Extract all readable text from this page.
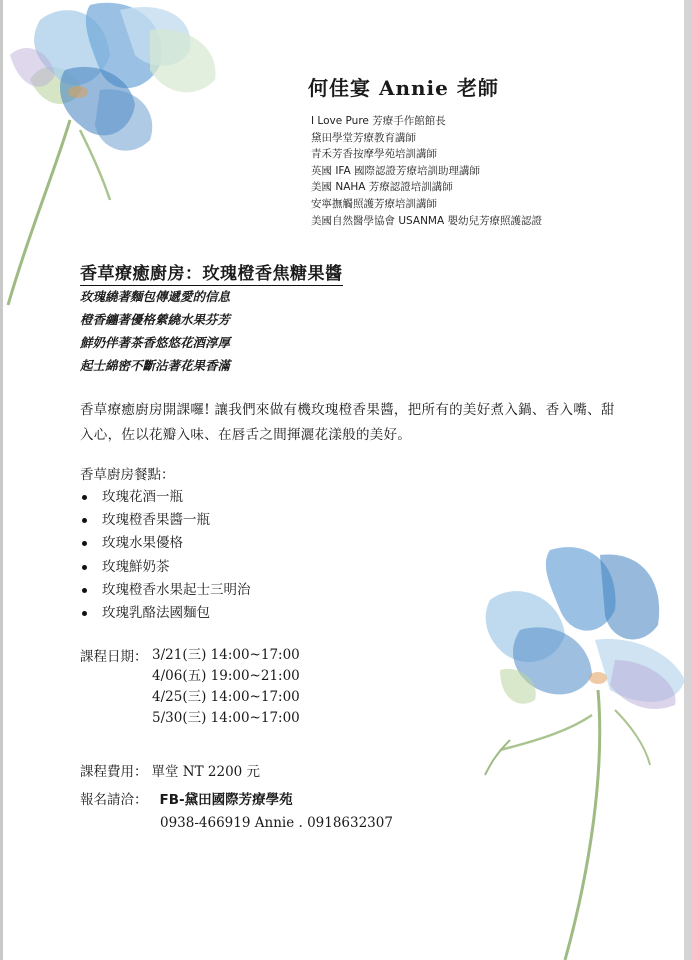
何佳宴 Annie 老師
I Love Pure 芳療手作館館長
黛田學堂芳療教育講師
青禾芳香按摩學苑培訓講師
英國 IFA 國際認證芳療培訓助理講師
美國 NAHA 芳療認證培訓講師
安寧撫觸照護芳療培訓講師
美國自然醫學協會 USANMA 嬰幼兒芳療照護認證
香草療癒廚房：玫瑰橙香焦糖果醬
玫瑰繞著麵包傳遞愛的信息
橙香纏著優格縈繞水果芬芳
鮮奶伴著茶香悠悠花酒淳厚
起士綿密不斷沾著花果香滿

香草療癒廚房開課囉! 讓我們來做有機玫瑰橙香果醬，把所有的美好煮入鍋、香入嘴、甜入心，佐以花瓣入味、在唇舌之間揮灑花漾般的美好。

香草廚房餐點：
玫瑰花酒一瓶
玫瑰橙香果醬一瓶
玫瑰水果優格
玫瑰鮮奶茶
玫瑰橙香水果起士三明治
玫瑰乳酪法國麵包
課程日期： 3/21(三) 14:00~17:00
4/06(五) 19:00~21:00
4/25(三) 14:00~17:00
5/30(三) 14:00~17:00
課程費用： 單堂 NT 2200 元
報名請洽： FB-黛田國際芳療學苑
0938-466919 Annie . 0918632307
